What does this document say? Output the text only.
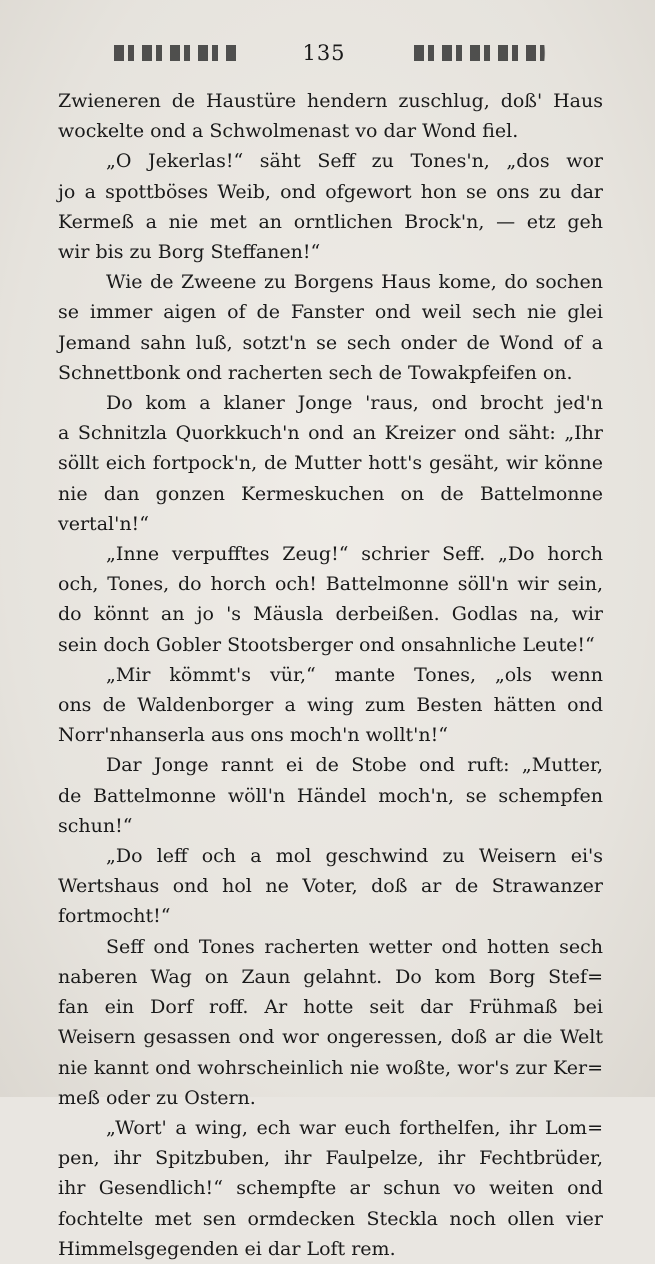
135
Zwieneren de Haustüre hendern zuschlug, doß' Haus
wockelte ond a Schwolmenast vo dar Wond fiel.
„O Jekerlas!“ säht Seff zu Tones'n, „dos wor
jo a spottböses Weib, ond ofgewort hon se ons zu dar
Kermeß a nie met an orntlichen Brock'n, — etz geh
wir bis zu Borg Steffanen!“
Wie de Zweene zu Borgens Haus kome, do sochen
se immer aigen of de Fanster ond weil sech nie glei
Jemand sahn luß, sotzt'n se sech onder de Wond of a
Schnettbonk ond racherten sech de Towakpfeifen on.
Do kom a klaner Jonge 'raus, ond brocht jed'n
a Schnitzla Quorkkuch'n ond an Kreizer ond säht: „Ihr
söllt eich fortpock'n, de Mutter hott's gesäht, wir könne
nie dan gonzen Kermeskuchen on de Battelmonne
vertal'n!“
„Inne verpufftes Zeug!“ schrier Seff. „Do horch
och, Tones, do horch och! Battelmonne söll'n wir sein,
do könnt an jo 's Mäusla derbeißen. Godlas na, wir
sein doch Gobler Stootsberger ond onsahnliche Leute!“
„Mir kömmt's vür,“ mante Tones, „ols wenn
ons de Waldenborger a wing zum Besten hätten ond
Norr'nhanserla aus ons moch'n wollt'n!“
Dar Jonge rannt ei de Stobe ond ruft: „Mutter,
de Battelmonne wöll'n Händel moch'n, se schempfen
schun!“
„Do leff och a mol geschwind zu Weisern ei's
Wertshaus ond hol ne Voter, doß ar de Strawanzer
fortmocht!“
Seff ond Tones racherten wetter ond hotten sech
naberen Wag on Zaun gelahnt. Do kom Borg Stef=
fan ein Dorf roff. Ar hotte seit dar Frühmaß bei
Weisern gesassen ond wor ongeressen, doß ar die Welt
nie kannt ond wohrscheinlich nie woßte, wor's zur Ker=
meß oder zu Ostern.
„Wort' a wing, ech war euch forthelfen, ihr Lom=
pen, ihr Spitzbuben, ihr Faulpelze, ihr Fechtbrüder,
ihr Gesendlich!“ schempfte ar schun vo weiten ond
fochtelte met sen ormdecken Steckla noch ollen vier
Himmelsgegenden ei dar Loft rem.
